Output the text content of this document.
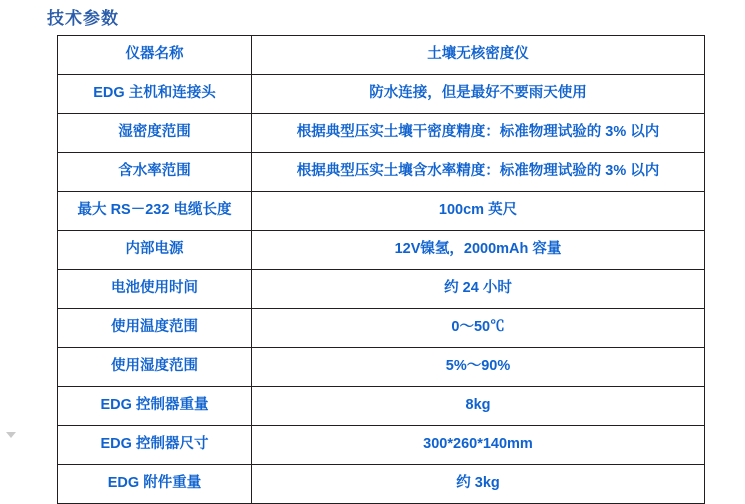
技术参数
仪器名称	土壤无核密度仪
EDG 主机和连接头	防水连接，但是最好不要雨天使用
湿密度范围	根据典型压实土壤干密度精度：标准物理试验的 3% 以内
含水率范围	根据典型压实土壤含水率精度：标准物理试验的 3% 以内
最大 RS－232 电缆长度	100cm 英尺
内部电源	12V镍氢，2000mAh 容量
电池使用时间	约 24 小时
使用温度范围	0～50℃
使用湿度范围	5%～90%
EDG 控制器重量	8kg
EDG 控制器尺寸	300*260*140mm
EDG 附件重量	约 3kg
